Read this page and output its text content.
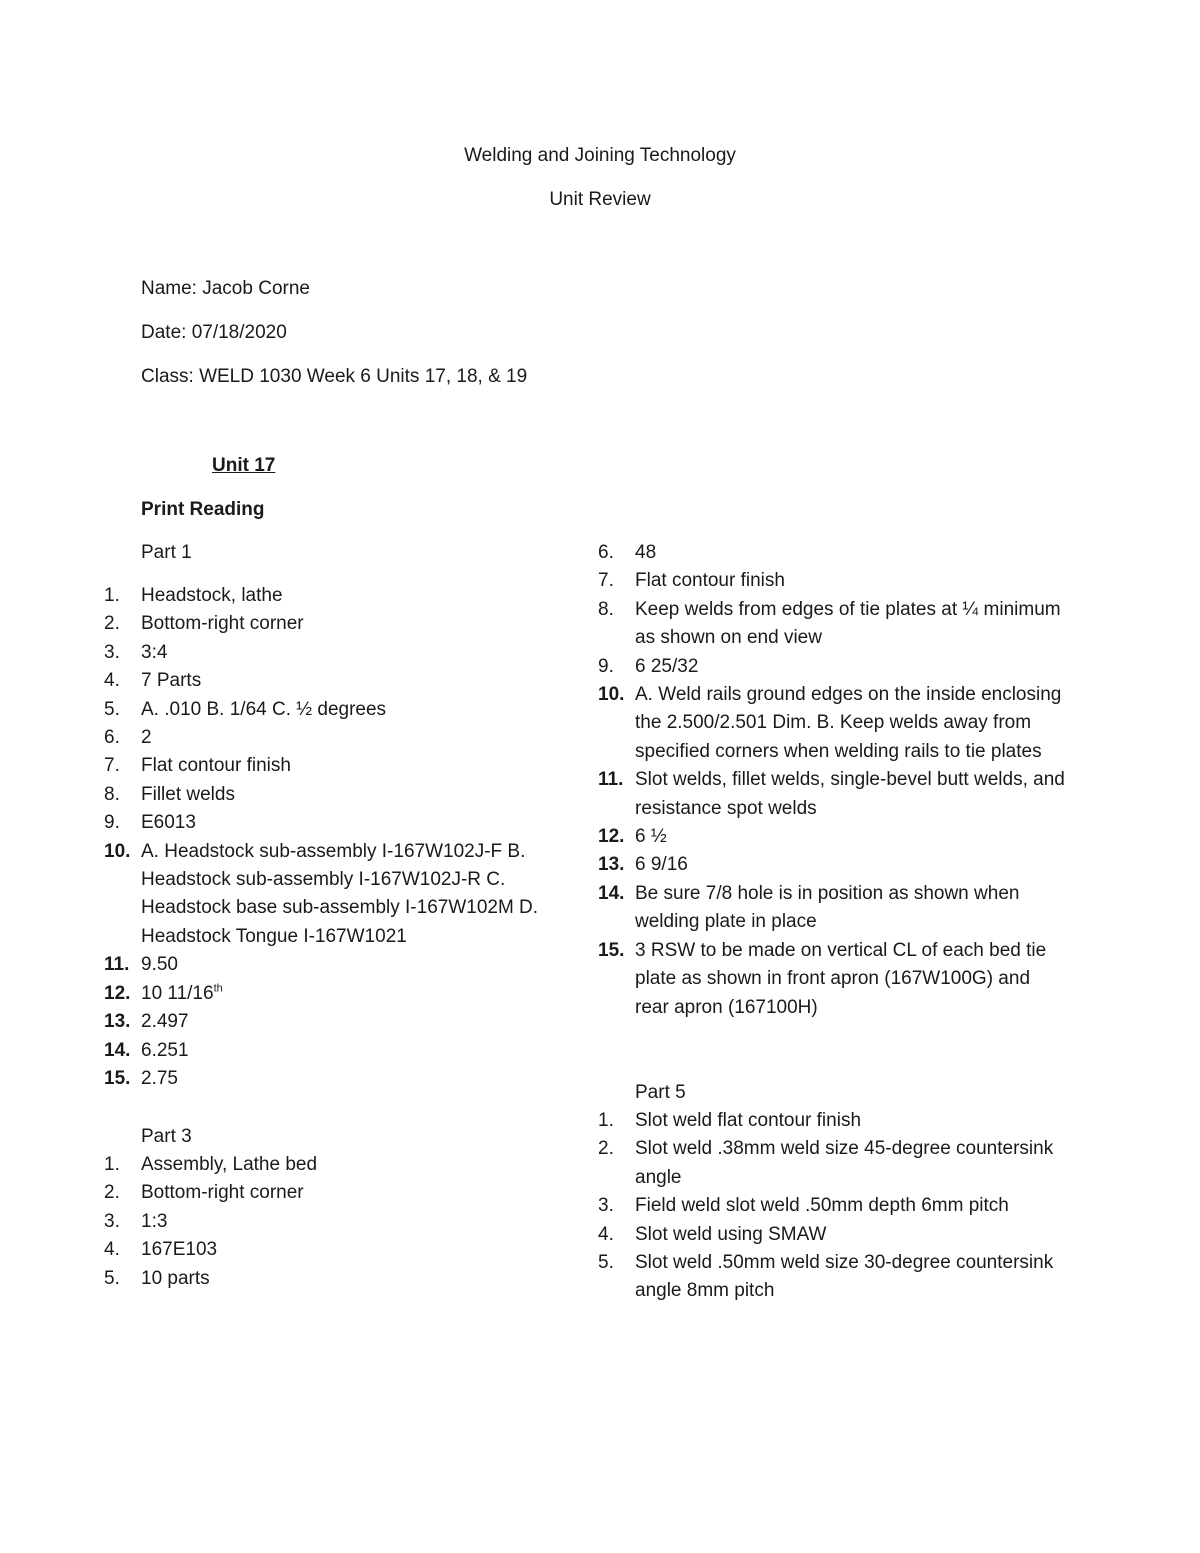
Welding and Joining Technology
Unit Review
Name: Jacob Corne
Date: 07/18/2020
Class: WELD 1030 Week 6 Units 17, 18, & 19
Unit 17
Print Reading
Part 1
1. Headstock, lathe
2. Bottom-right corner
3. 3:4
4. 7 Parts
5. A. .010 B. 1/64 C. ½ degrees
6. 2
7. Flat contour finish
8. Fillet welds
9. E6013
10. A. Headstock sub-assembly I-167W102J-F B. Headstock sub-assembly I-167W102J-R C. Headstock base sub-assembly I-167W102M D. Headstock Tongue I-167W1021
11. 9.50
12. 10 11/16th
13. 2.497
14. 6.251
15. 2.75
Part 3
1. Assembly, Lathe bed
2. Bottom-right corner
3. 1:3
4. 167E103
5. 10 parts
6. 48
7. Flat contour finish
8. Keep welds from edges of tie plates at ¼ minimum as shown on end view
9. 6 25/32
10. A. Weld rails ground edges on the inside enclosing the 2.500/2.501 Dim. B. Keep welds away from specified corners when welding rails to tie plates
11. Slot welds, fillet welds, single-bevel butt welds, and resistance spot welds
12. 6 ½
13. 6 9/16
14. Be sure 7/8 hole is in position as shown when welding plate in place
15. 3 RSW to be made on vertical CL of each bed tie plate as shown in front apron (167W100G) and rear apron (167100H)
Part 5
1. Slot weld flat contour finish
2. Slot weld .38mm weld size 45-degree countersink angle
3. Field weld slot weld .50mm depth 6mm pitch
4. Slot weld using SMAW
5. Slot weld .50mm weld size 30-degree countersink angle 8mm pitch
